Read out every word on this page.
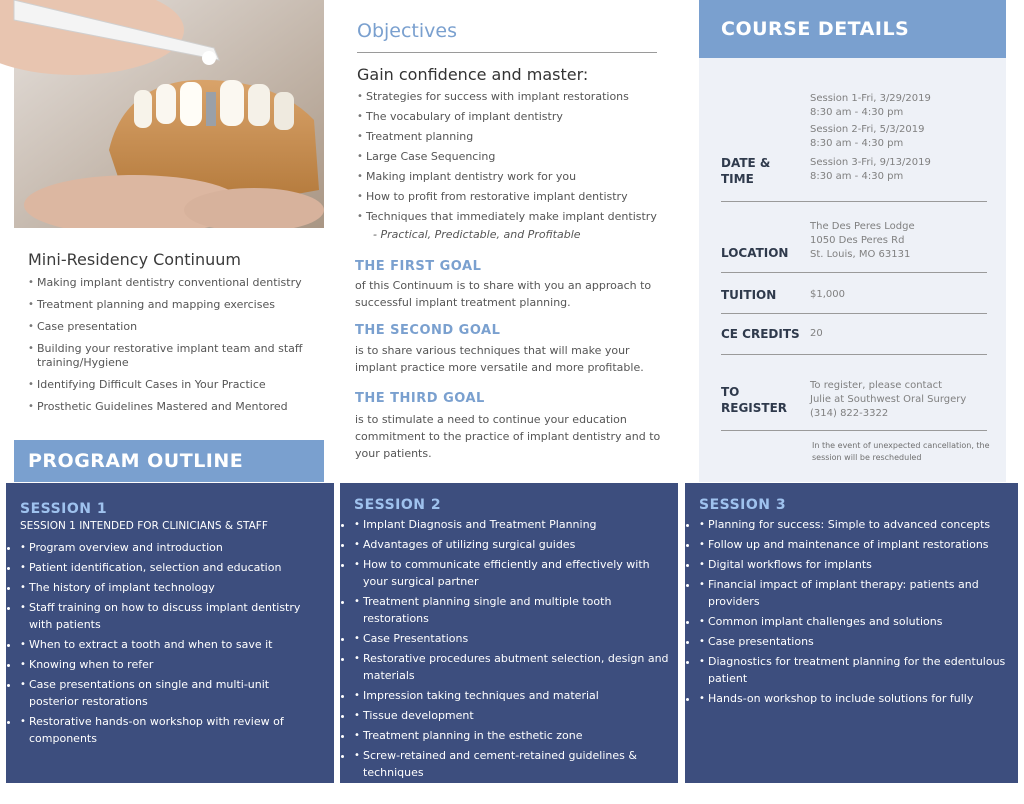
Mini-Residency Continuum
• Making implant dentistry conventional dentistry
• Treatment planning and mapping exercises
• Case presentation
• Building your restorative implant team and staff training/Hygiene
• Identifying Difficult Cases in Your Practice
• Prosthetic Guidelines Mastered and Mentored
PROGRAM OUTLINE
Objectives
Gain confidence and master:
• Strategies for success with implant restorations
• The vocabulary of implant dentistry
• Treatment planning
• Large Case Sequencing
• Making implant dentistry work for you
• How to profit from restorative implant dentistry
• Techniques that immediately make implant dentistry
- Practical, Predictable, and Profitable
THE FIRST GOAL
of this Continuum is to share with you an approach to successful implant treatment planning.
THE SECOND GOAL
is to share various techniques that will make your implant practice more versatile and more profitable.
THE THIRD GOAL
is to stimulate a need to continue your education commitment to the practice of implant dentistry and to your patients.
COURSE DETAILS
DATE & TIME
Session 1-Fri, 3/29/2019
8:30 am - 4:30 pm
Session 2-Fri, 5/3/2019
8:30 am - 4:30 pm
Session 3-Fri, 9/13/2019
8:30 am - 4:30 pm
LOCATION
The Des Peres Lodge
1050 Des Peres Rd
St. Louis, MO 63131
TUITION	$1,000
CE CREDITS 20
TO REGISTER
To register, please contact
Julie at Southwest Oral Surgery
(314) 822-3322
In the event of unexpected cancellation, the session will be rescheduled
SESSION 1
SESSION 1 INTENDED FOR CLINICIANS & STAFF
• • Program overview and introduction
• • Patient identification, selection and education
• • The history of implant technology
• • Staff training on how to discuss implant dentistry with patients
• • When to extract a tooth and when to save it
• • Knowing when to refer
• • Case presentations on single and multi-unit posterior restorations
• • Restorative hands-on workshop with review of components
SESSION 2
• • Implant Diagnosis and Treatment Planning
• • Advantages of utilizing surgical guides
• • How to communicate efficiently and effectively with your surgical partner
• • Treatment planning single and multiple tooth restorations
• • Case Presentations
• • Restorative procedures abutment selection, design and materials
• • Impression taking techniques and material
• • Tissue development
• • Treatment planning in the esthetic zone
• • Screw-retained and cement-retained guidelines & techniques
• • Hands-on provisional workshop
SESSION 3
• • Planning for success: Simple to advanced concepts
• • Follow up and maintenance of implant restorations
• • Digital workflows for implants
• • Financial impact of implant therapy: patients and providers
• • Common implant challenges and solutions
• • Case presentations
• • Diagnostics for treatment planning for the edentulous patient
• • Hands-on workshop to include solutions for fully
